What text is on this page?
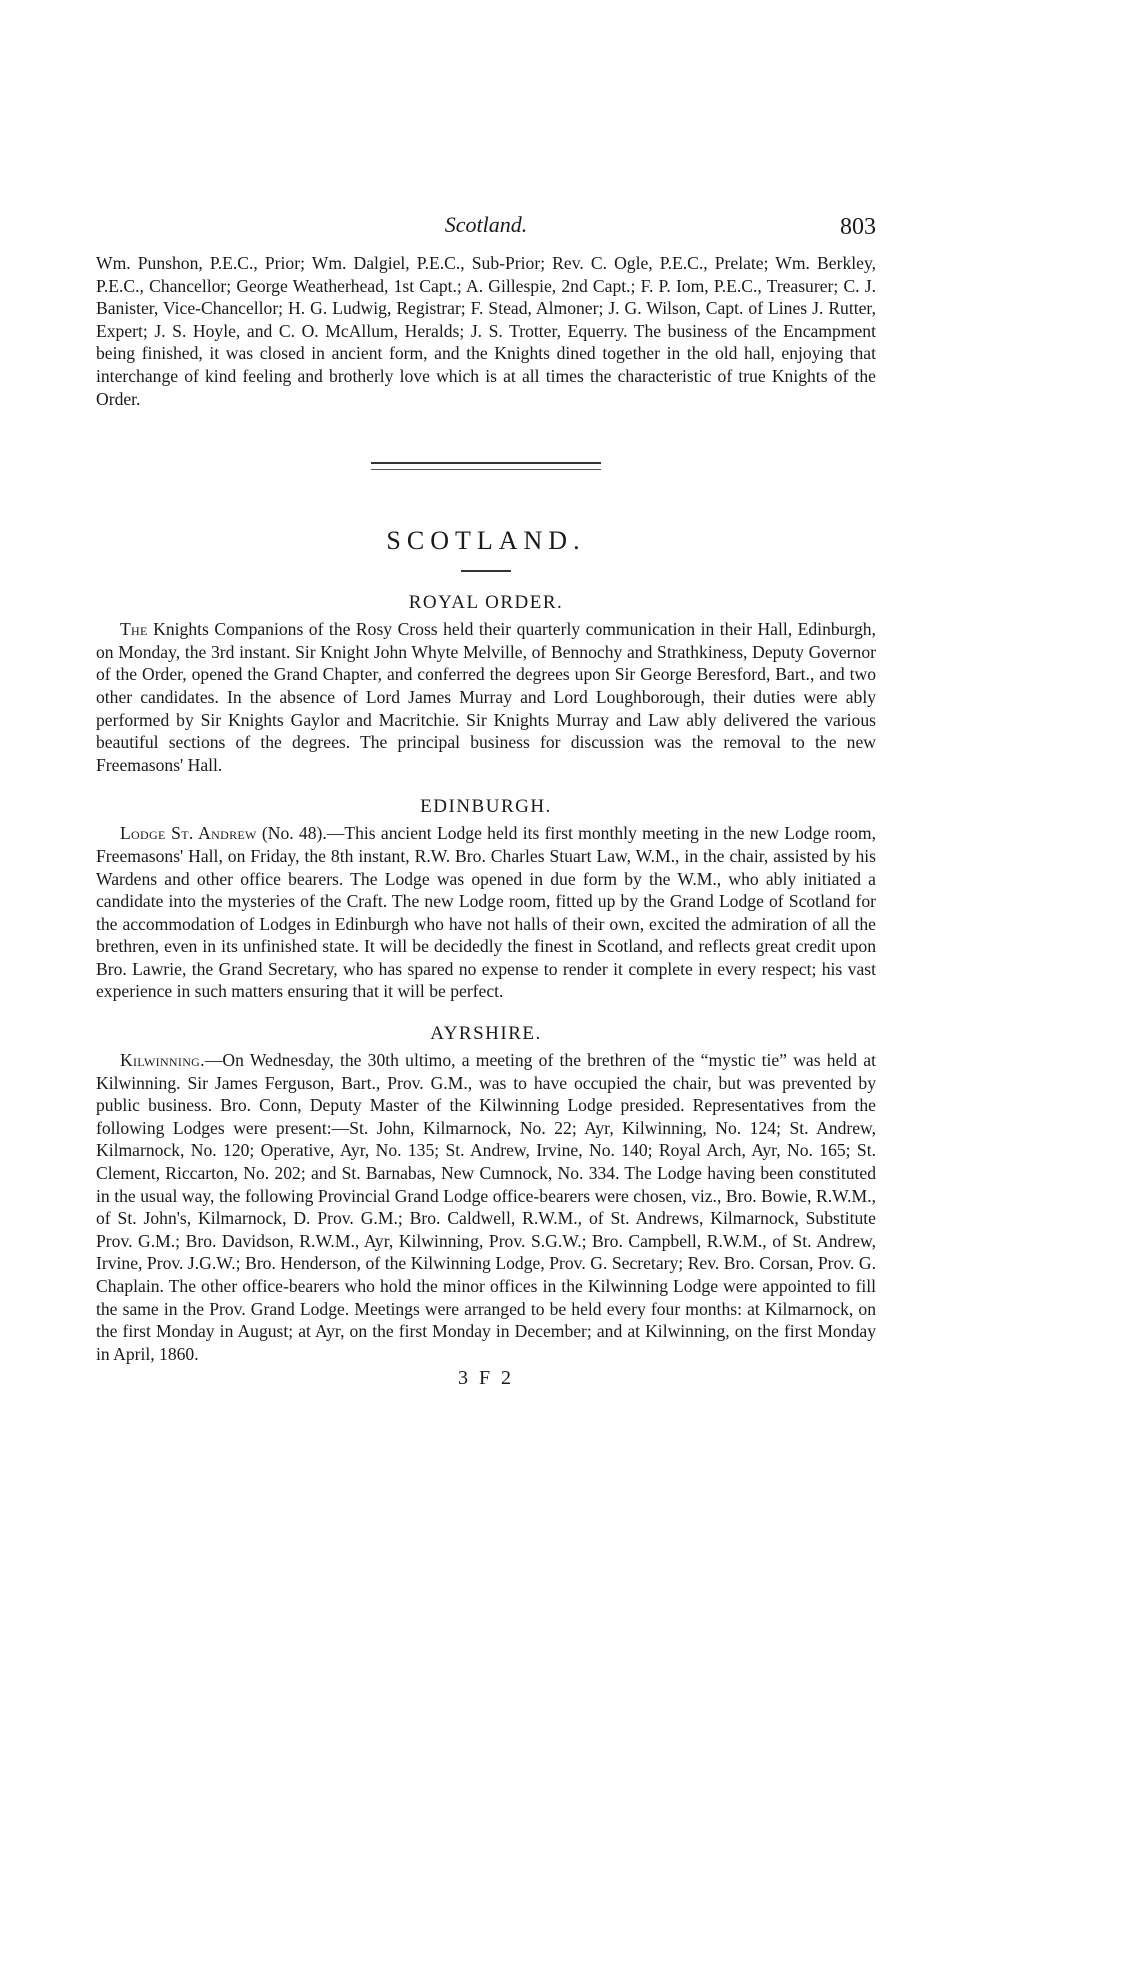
Scotland.	803

Wm. Punshon, P.E.C., Prior; Wm. Dalgiel, P.E.C., Sub-Prior; Rev. C. Ogle, P.E.C., Prelate; Wm. Berkley, P.E.C., Chancellor; George Weatherhead, 1st Capt.; A. Gillespie, 2nd Capt.; F. P. Iom, P.E.C., Treasurer; C. J. Banister, Vice-Chancellor; H. G. Ludwig, Registrar; F. Stead, Almoner; J. G. Wilson, Capt. of Lines J. Rutter, Expert; J. S. Hoyle, and C. O. McAllum, Heralds; J. S. Trotter, Equerry. The business of the Encampment being finished, it was closed in ancient form, and the Knights dined together in the old hall, enjoying that interchange of kind feeling and brotherly love which is at all times the characteristic of true Knights of the Order.

SCOTLAND.
ROYAL ORDER.

The Knights Companions of the Rosy Cross held their quarterly communication in their Hall, Edinburgh, on Monday, the 3rd instant. Sir Knight John Whyte Melville, of Bennochy and Strathkiness, Deputy Governor of the Order, opened the Grand Chapter, and conferred the degrees upon Sir George Beresford, Bart., and two other candidates. In the absence of Lord James Murray and Lord Loughborough, their duties were ably performed by Sir Knights Gaylor and Macritchie. Sir Knights Murray and Law ably delivered the various beautiful sections of the degrees. The principal business for discussion was the removal to the new Freemasons' Hall.

EDINBURGH.

Lodge St. Andrew (No. 48).—This ancient Lodge held its first monthly meeting in the new Lodge room, Freemasons' Hall, on Friday, the 8th instant, R.W. Bro. Charles Stuart Law, W.M., in the chair, assisted by his Wardens and other office bearers. The Lodge was opened in due form by the W.M., who ably initiated a candidate into the mysteries of the Craft. The new Lodge room, fitted up by the Grand Lodge of Scotland for the accommodation of Lodges in Edinburgh who have not halls of their own, excited the admiration of all the brethren, even in its unfinished state. It will be decidedly the finest in Scotland, and reflects great credit upon Bro. Lawrie, the Grand Secretary, who has spared no expense to render it complete in every respect; his vast experience in such matters ensuring that it will be perfect.

AYRSHIRE.

Kilwinning.—On Wednesday, the 30th ultimo, a meeting of the brethren of the “mystic tie” was held at Kilwinning. Sir James Ferguson, Bart., Prov. G.M., was to have occupied the chair, but was prevented by public business. Bro. Conn, Deputy Master of the Kilwinning Lodge presided. Representatives from the following Lodges were present:—St. John, Kilmarnock, No. 22; Ayr, Kilwinning, No. 124; St. Andrew, Kilmarnock, No. 120; Operative, Ayr, No. 135; St. Andrew, Irvine, No. 140; Royal Arch, Ayr, No. 165; St. Clement, Riccarton, No. 202; and St. Barnabas, New Cumnock, No. 334. The Lodge having been constituted in the usual way, the following Provincial Grand Lodge office-bearers were chosen, viz., Bro. Bowie, R.W.M., of St. John's, Kilmarnock, D. Prov. G.M.; Bro. Caldwell, R.W.M., of St. Andrews, Kilmarnock, Substitute Prov. G.M.; Bro. Davidson, R.W.M., Ayr, Kilwinning, Prov. S.G.W.; Bro. Campbell, R.W.M., of St. Andrew, Irvine, Prov. J.G.W.; Bro. Henderson, of the Kilwinning Lodge, Prov. G. Secretary; Rev. Bro. Corsan, Prov. G. Chaplain. The other office-bearers who hold the minor offices in the Kilwinning Lodge were appointed to fill the same in the Prov. Grand Lodge. Meetings were arranged to be held every four months: at Kilmarnock, on the first Monday in August; at Ayr, on the first Monday in December; and at Kilwinning, on the first Monday in April, 1860.

3 F 2
